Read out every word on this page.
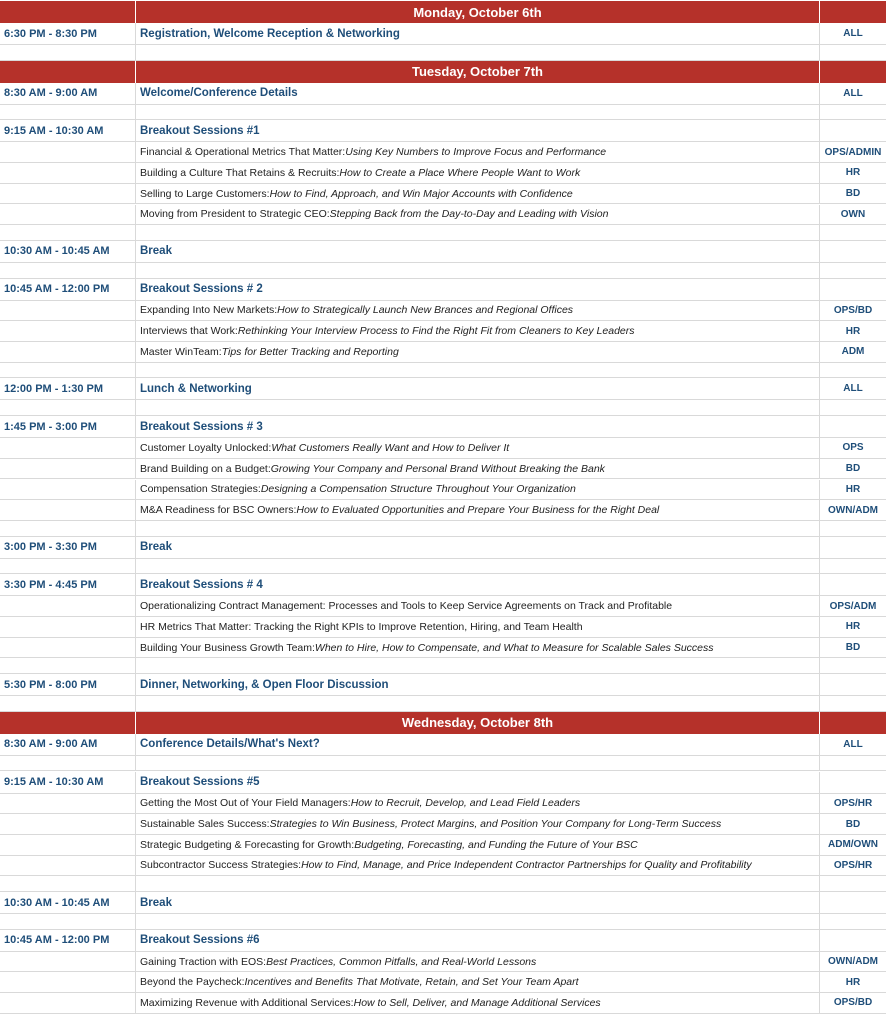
Monday, October 6th
6:30 PM - 8:30 PM	Registration, Welcome Reception & Networking	ALL
Tuesday, October 7th
8:30 AM - 9:00 AM	Welcome/Conference Details	ALL
9:15 AM - 10:30 AM	Breakout Sessions #1
Financial & Operational Metrics That Matter: Using Key Numbers to Improve Focus and Performance	OPS/ADMIN
Building a Culture That Retains & Recruits: How to Create a Place Where People Want to Work	HR
Selling to Large Customers: How to Find, Approach, and Win Major Accounts with Confidence	BD
Moving from President to Strategic CEO: Stepping Back from the Day-to-Day and Leading with Vision	OWN
10:30 AM - 10:45 AM	Break
10:45 AM - 12:00 PM	Breakout Sessions # 2
Expanding Into New Markets: How to Strategically Launch New Brances and Regional Offices	OPS/BD
Interviews that Work: Rethinking Your Interview Process to Find the Right Fit from Cleaners to Key Leaders	HR
Master WinTeam: Tips for Better Tracking and Reporting	ADM
12:00 PM - 1:30 PM	Lunch & Networking	ALL
1:45 PM - 3:00 PM	Breakout Sessions # 3
Customer Loyalty Unlocked: What Customers Really Want and How to Deliver It	OPS
Brand Building on a Budget: Growing Your Company and Personal Brand Without Breaking the Bank	BD
Compensation Strategies: Designing a Compensation Structure Throughout Your Organization	HR
M&A Readiness for BSC Owners: How to Evaluated Opportunities and Prepare Your Business for the Right Deal	OWN/ADM
3:00 PM - 3:30 PM	Break
3:30 PM - 4:45 PM	Breakout Sessions # 4
Operationalizing Contract Management: Processes and Tools to Keep Service Agreements on Track and Profitable	OPS/ADM
HR Metrics That Matter: Tracking the Right KPIs to Improve Retention, Hiring, and Team Health	HR
Building Your Business Growth Team: When to Hire, How to Compensate, and What to Measure for Scalable Sales Success	BD
5:30 PM - 8:00 PM	Dinner, Networking, & Open Floor Discussion
Wednesday, October 8th
8:30 AM - 9:00 AM	Conference Details/What's Next?	ALL
9:15 AM - 10:30 AM	Breakout Sessions #5
Getting the Most Out of Your Field Managers: How to Recruit, Develop, and Lead Field Leaders	OPS/HR
Sustainable Sales Success: Strategies to Win Business, Protect Margins, and Position Your Company for Long-Term Success	BD
Strategic Budgeting & Forecasting for Growth: Budgeting, Forecasting, and Funding the Future of Your BSC	ADM/OWN
Subcontractor Success Strategies: How to Find, Manage, and Price Independent Contractor Partnerships for Quality and Profitability	OPS/HR
10:30 AM - 10:45 AM	Break
10:45 AM - 12:00 PM	Breakout Sessions #6
Gaining Traction with EOS: Best Practices, Common Pitfalls, and Real-World Lessons	OWN/ADM
Beyond the Paycheck: Incentives and Benefits That Motivate, Retain, and Set Your Team Apart	HR
Maximizing Revenue with Additional Services: How to Sell, Deliver, and Manage Additional Services	OPS/BD
